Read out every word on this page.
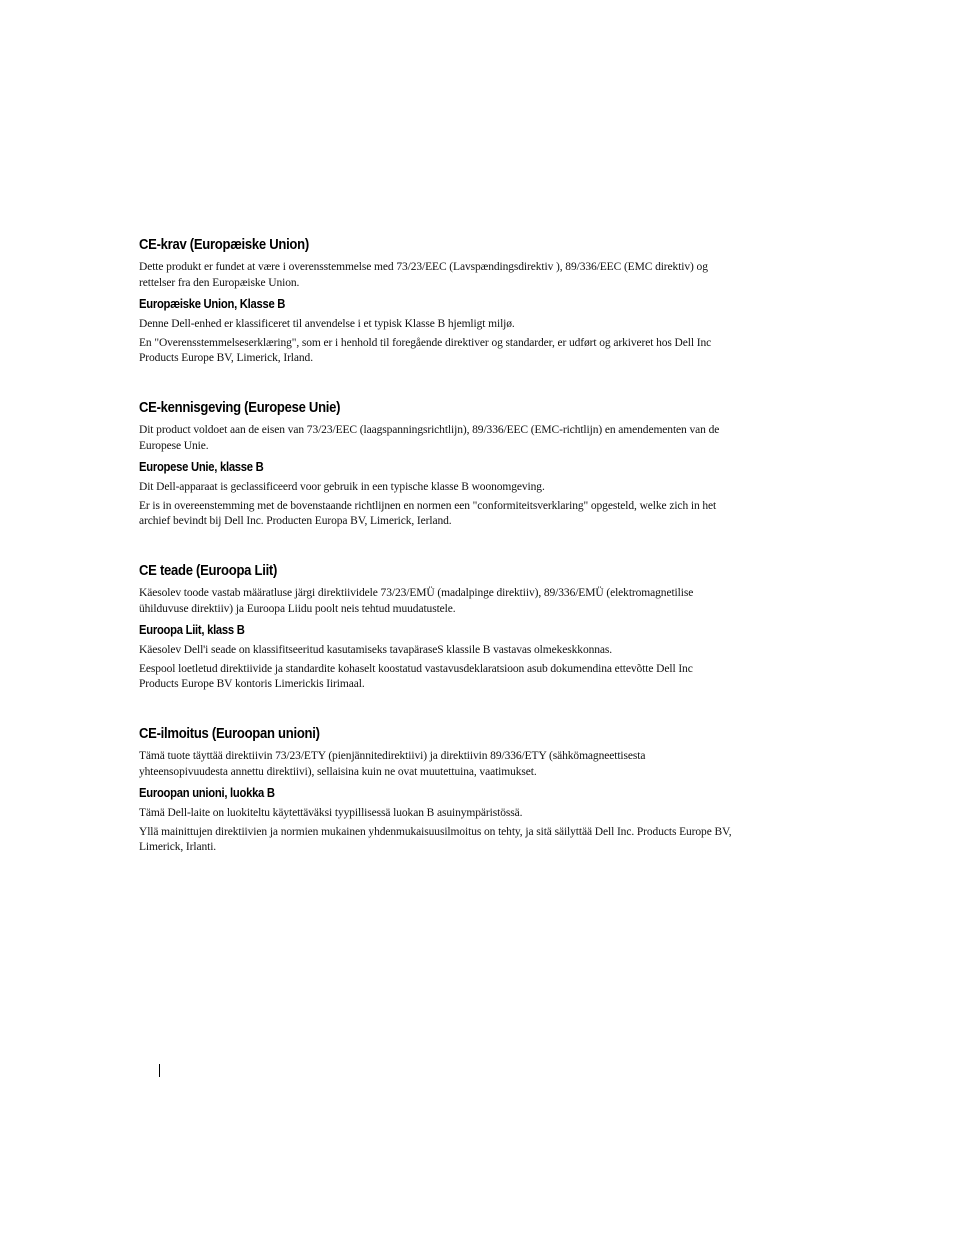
CE-krav (Europæiske Union)
Dette produkt er fundet at være i overensstemmelse med 73/23/EEC (Lavspændingsdirektiv ), 89/336/EEC (EMC direktiv) og
rettelser fra den Europæiske Union.
Europæiske Union, Klasse B
Denne Dell-enhed er klassificeret til anvendelse i et typisk Klasse B hjemligt miljø.
En "Overensstemmelseserklæring", som er i henhold til foregående direktiver og standarder, er udført og arkiveret hos Dell Inc
Products Europe BV, Limerick, Irland.
CE-kennisgeving (Europese Unie)
Dit product voldoet aan de eisen van 73/23/EEC (laagspanningsrichtlijn), 89/336/EEC (EMC-richtlijn) en amendementen van de
Europese Unie.
Europese Unie, klasse B
Dit Dell-apparaat is geclassificeerd voor gebruik in een typische klasse B woonomgeving.
Er is in overeenstemming met de bovenstaande richtlijnen en normen een "conformiteitsverklaring" opgesteld, welke zich in het
archief bevindt bij Dell Inc. Producten Europa BV, Limerick, Ierland.
CE teade (Euroopa Liit)
Käesolev toode vastab määratluse järgi direktiividele 73/23/EMÜ (madalpinge direktiiv), 89/336/EMÜ (elektromagnetilise
ühilduvuse direktiiv) ja Euroopa Liidu poolt neis tehtud muudatustele.
Euroopa Liit, klass B
Käesolev Dell'i seade on klassifitseeritud kasutamiseks tavapäraseS klassile B vastavas olmekeskkonnas.
Eespool loetletud direktiivide ja standardite kohaselt koostatud vastavusdeklaratsioon asub dokumendina ettevõtte Dell Inc
Products Europe BV kontoris Limerickis Iirimaal.
CE-ilmoitus (Euroopan unioni)
Tämä tuote täyttää direktiivin 73/23/ETY (pienjännitedirektiivi) ja direktiivin 89/336/ETY (sähkömagneettisesta
yhteensopivuudesta annettu direktiivi), sellaisina kuin ne ovat muutettuina, vaatimukset.
Euroopan unioni, luokka B
Tämä Dell-laite on luokiteltu käytettäväksi tyypillisessä luokan B asuinympäristössä.
Yllä mainittujen direktiivien ja normien mukainen yhdenmukaisuusilmoitus on tehty, ja sitä säilyttää Dell Inc. Products Europe BV,
Limerick, Irlanti.
